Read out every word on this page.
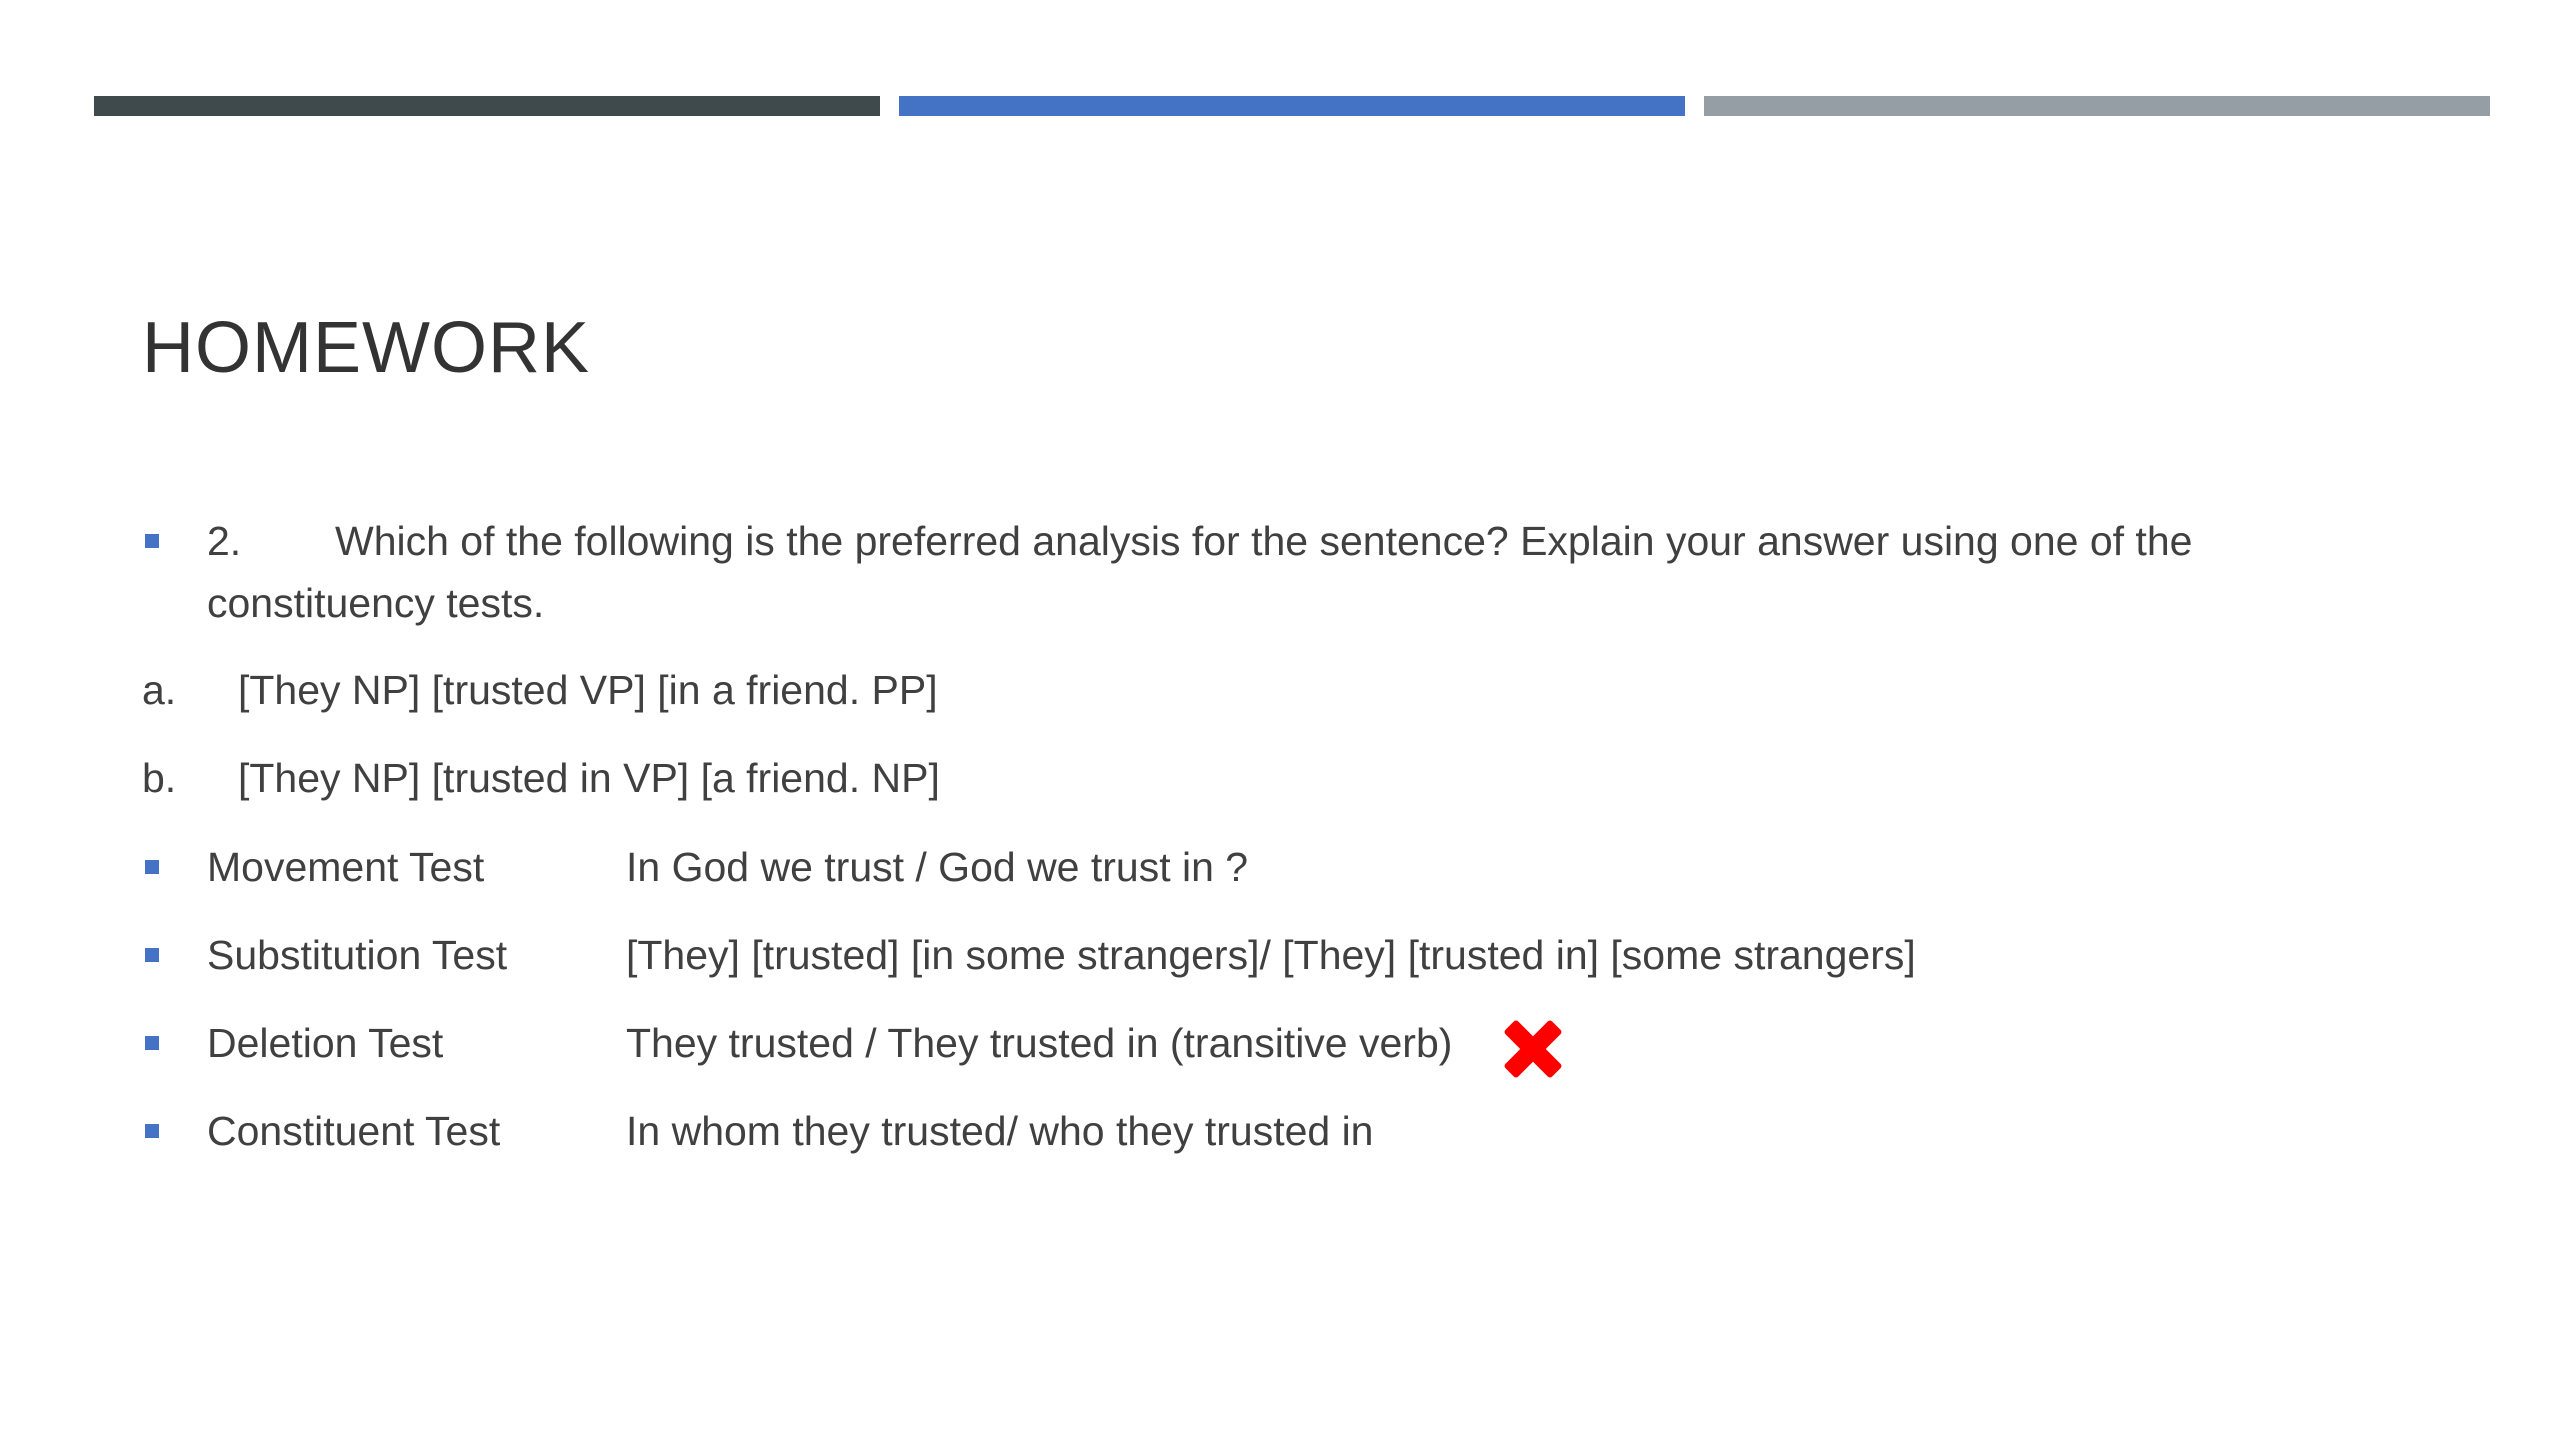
HOMEWORK
2. Which of the following is the preferred analysis for the sentence? Explain your answer using one of the
constituency tests.
a. [They NP] [trusted VP] [in a friend. PP]
b. [They NP] [trusted in VP] [a friend. NP]
Movement Test	In God we trust / God we trust in ?
Substitution Test	[They] [trusted] [in some strangers]/ [They] [trusted in] [some strangers]
Deletion Test	They trusted / They trusted in (transitive verb)
Constituent Test	In whom they trusted/ who they trusted in
